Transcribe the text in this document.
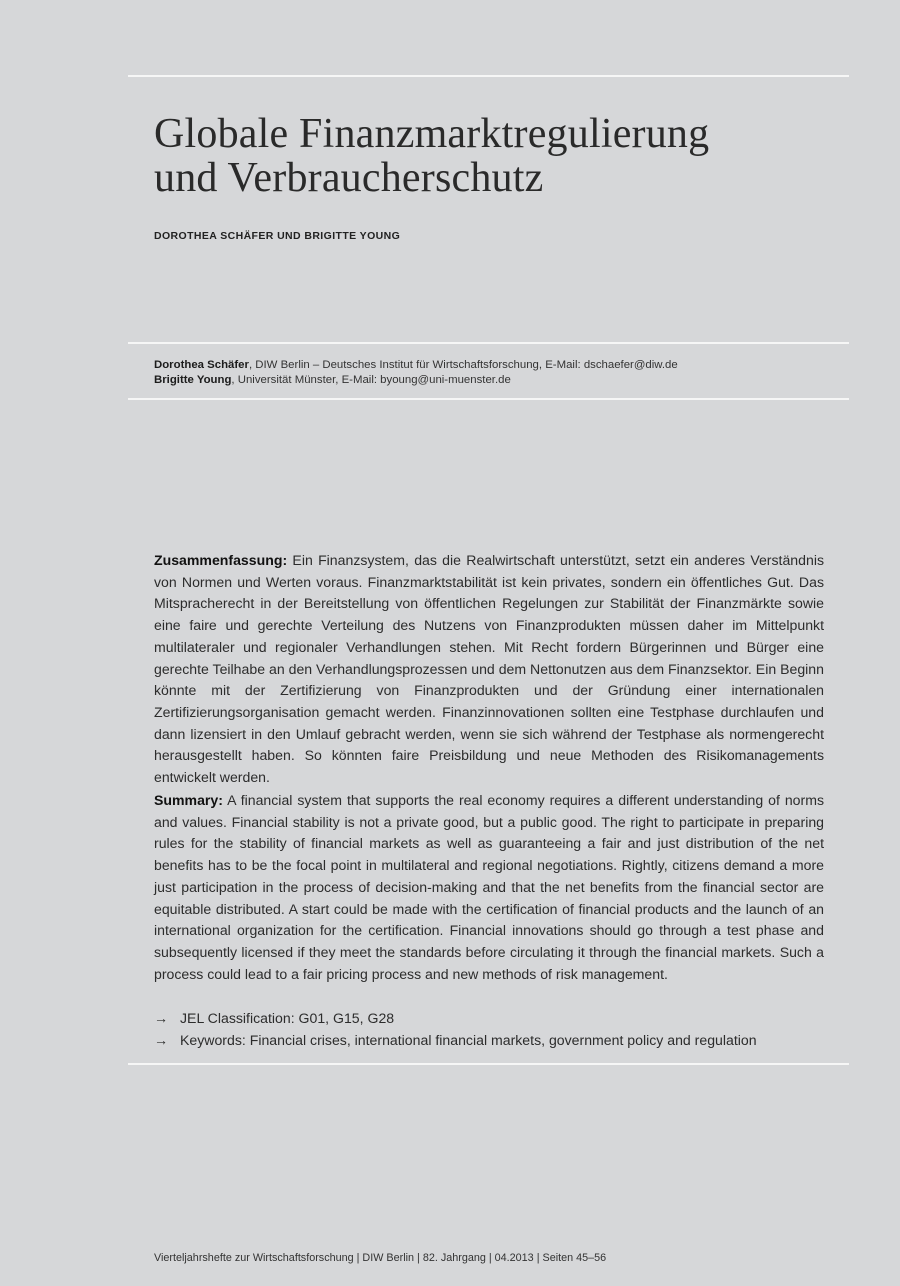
Globale Finanzmarktregulierung
und Verbraucherschutz
DOROTHEA SCHÄFER UND BRIGITTE YOUNG
Dorothea Schäfer, DIW Berlin – Deutsches Institut für Wirtschaftsforschung, E-Mail: dschaefer@diw.de
Brigitte Young, Universität Münster, E-Mail: byoung@uni-muenster.de

Zusammenfassung: Ein Finanzsystem, das die Realwirtschaft unterstützt, setzt ein anderes Verständnis von Normen und Werten voraus. Finanzmarktstabilität ist kein privates, sondern ein öffentliches Gut. Das Mitspracherecht in der Bereitstellung von öffentlichen Regelungen zur Stabilität der Finanzmärkte sowie eine faire und gerechte Verteilung des Nutzens von Finanzprodukten müssen daher im Mittelpunkt multilateraler und regionaler Verhandlungen stehen. Mit Recht fordern Bürgerinnen und Bürger eine gerechte Teilhabe an den Verhandlungsprozessen und dem Nettonutzen aus dem Finanzsektor. Ein Beginn könnte mit der Zertifizierung von Finanzprodukten und der Gründung einer internationalen Zertifizierungsorganisation gemacht werden. Finanzinnovationen sollten eine Testphase durchlaufen und dann lizensiert in den Umlauf gebracht werden, wenn sie sich während der Testphase als normengerecht herausgestellt haben. So könnten faire Preisbildung und neue Methoden des Risikomanagements entwickelt werden.

Summary: A financial system that supports the real economy requires a different understanding of norms and values. Financial stability is not a private good, but a public good. The right to participate in preparing rules for the stability of financial markets as well as guaranteeing a fair and just distribution of the net benefits has to be the focal point in multilateral and regional negotiations. Rightly, citizens demand a more just participation in the process of decision-making and that the net benefits from the financial sector are equitable distributed. A start could be made with the certification of financial products and the launch of an international organization for the certification. Financial innovations should go through a test phase and subsequently licensed if they meet the standards before circulating it through the financial markets. Such a process could lead to a fair pricing process and new methods of risk management.

→ JEL Classification: G01, G15, G28
→ Keywords: Financial crises, international financial markets, government policy and regulation
Vierteljahrshefte zur Wirtschaftsforschung | DIW Berlin | 82. Jahrgang | 04.2013 | Seiten 45–56
